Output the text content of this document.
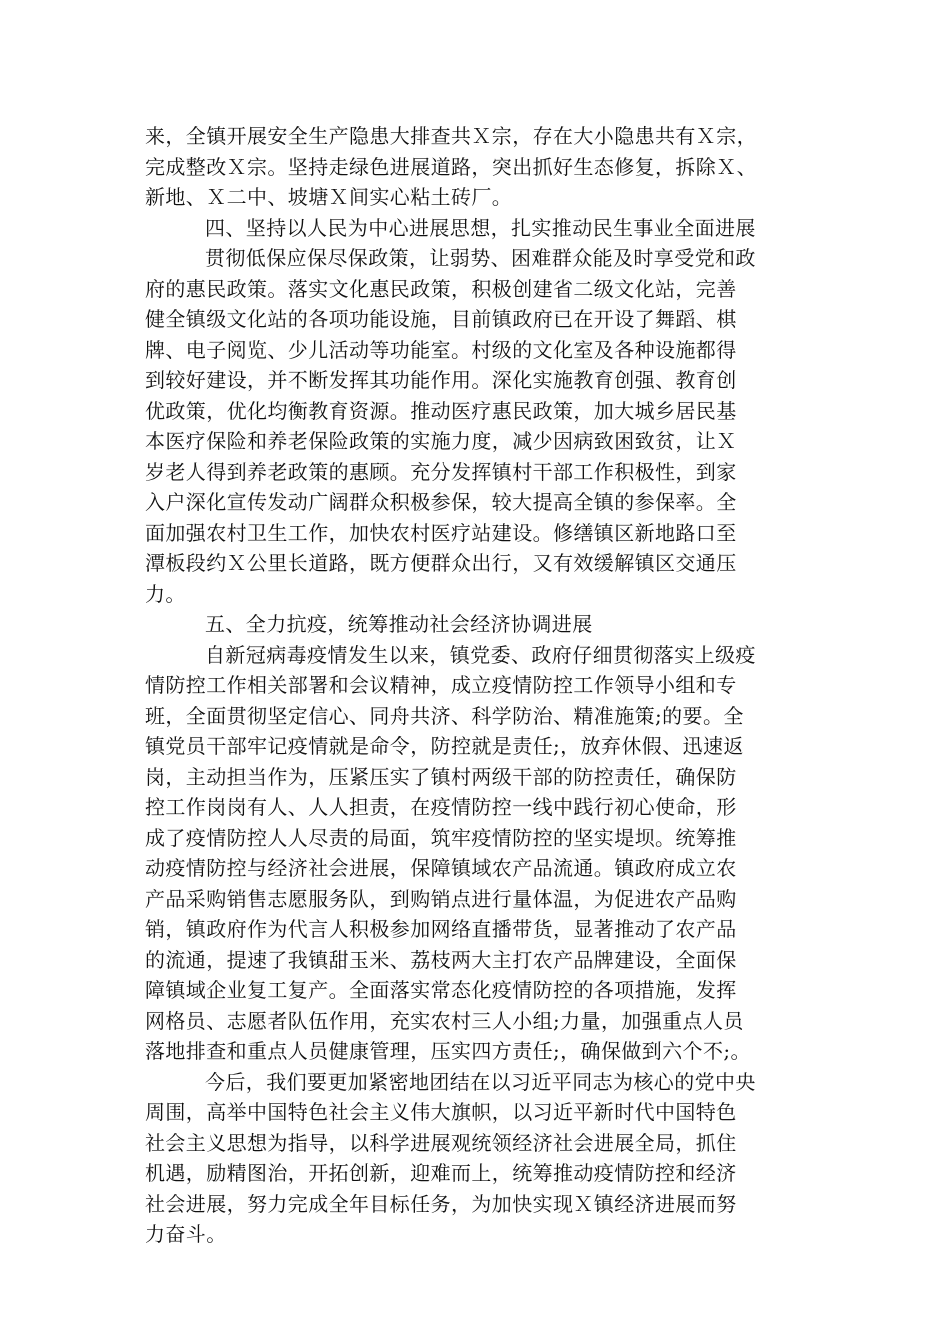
来，全镇开展安全生产隐患大排查共Ｘ宗，存在大小隐患共有Ｘ宗，
完成整改Ｘ宗。坚持走绿色进展道路，突出抓好生态修复，拆除Ｘ、
新地、Ｘ二中、坡塘Ｘ间实心粘土砖厂。
四、坚持以人民为中心进展思想，扎实推动民生事业全面进展
贯彻低保应保尽保政策，让弱势、困难群众能及时享受党和政
府的惠民政策。落实文化惠民政策，积极创建省二级文化站，完善
健全镇级文化站的各项功能设施，目前镇政府已在开设了舞蹈、棋
牌、电子阅览、少儿活动等功能室。村级的文化室及各种设施都得
到较好建设，并不断发挥其功能作用。深化实施教育创强、教育创
优政策，优化均衡教育资源。推动医疗惠民政策，加大城乡居民基
本医疗保险和养老保险政策的实施力度，减少因病致困致贫，让Ｘ
岁老人得到养老政策的惠顾。充分发挥镇村干部工作积极性，到家
入户深化宣传发动广阔群众积极参保，较大提高全镇的参保率。全
面加强农村卫生工作，加快农村医疗站建设。修缮镇区新地路口至
潭板段约Ｘ公里长道路，既方便群众出行，又有效缓解镇区交通压
力。
五、全力抗疫，统筹推动社会经济协调进展
自新冠病毒疫情发生以来，镇党委、政府仔细贯彻落实上级疫
情防控工作相关部署和会议精神，成立疫情防控工作领导小组和专
班，全面贯彻坚定信心、同舟共济、科学防治、精准施策;的要。全
镇党员干部牢记疫情就是命令，防控就是责任;，放弃休假、迅速返
岗，主动担当作为，压紧压实了镇村两级干部的防控责任，确保防
控工作岗岗有人、人人担责，在疫情防控一线中践行初心使命，形
成了疫情防控人人尽责的局面，筑牢疫情防控的坚实堤坝。统筹推
动疫情防控与经济社会进展，保障镇域农产品流通。镇政府成立农
产品采购销售志愿服务队，到购销点进行量体温，为促进农产品购
销，镇政府作为代言人积极参加网络直播带货，显著推动了农产品
的流通，提速了我镇甜玉米、荔枝两大主打农产品牌建设，全面保
障镇域企业复工复产。全面落实常态化疫情防控的各项措施，发挥
网格员、志愿者队伍作用，充实农村三人小组;力量，加强重点人员
落地排查和重点人员健康管理，压实四方责任;，确保做到六个不;。
今后，我们要更加紧密地团结在以习近平同志为核心的党中央
周围，高举中国特色社会主义伟大旗帜，以习近平新时代中国特色
社会主义思想为指导，以科学进展观统领经济社会进展全局，抓住
机遇，励精图治，开拓创新，迎难而上，统筹推动疫情防控和经济
社会进展，努力完成全年目标任务，为加快实现Ｘ镇经济进展而努
力奋斗。
